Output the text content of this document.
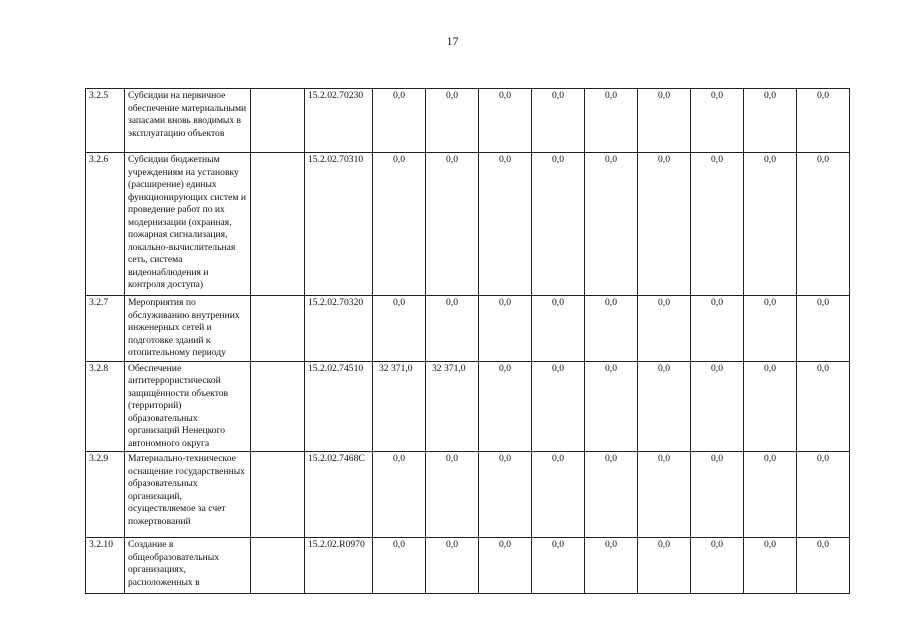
17
3.2.5	Субсидии на первичное обеспечение материальными запасами вновь вводимых в эксплуатацию объектов		15.2.02.70230	0,0	0,0	0,0	0,0	0,0	0,0	0,0	0,0	0,0
3.2.6	Субсидии бюджетным учреждениям на установку (расширение) единых функционирующих систем и проведение работ по их модернизации (охранная, пожарная сигнализация, локально-вычислительная сеть, система видеонаблюдения и контроля доступа)		15.2.02.70310	0,0	0,0	0,0	0,0	0,0	0,0	0,0	0,0	0,0
3.2.7	Мероприятия по обслуживанию внутренних инженерных сетей и подготовке зданий к отопительному периоду		15.2.02.70320	0,0	0,0	0,0	0,0	0,0	0,0	0,0	0,0	0,0
3.2.8	Обеспечение антитеррористической защищённости объектов (территорий) образовательных организаций Ненецкого автономного округа		15.2.02.74510	32 371,0	32 371,0	0,0	0,0	0,0	0,0	0,0	0,0	0,0
3.2.9	Материально-техническое оснащение государственных образовательных организаций, осуществляемое за счет пожертвований		15.2.02.7468С	0,0	0,0	0,0	0,0	0,0	0,0	0,0	0,0	0,0
3.2.10	Создание в общеобразовательных организациях, расположенных в		15.2.02.R0970	0,0	0,0	0,0	0,0	0,0	0,0	0,0	0,0	0,0
